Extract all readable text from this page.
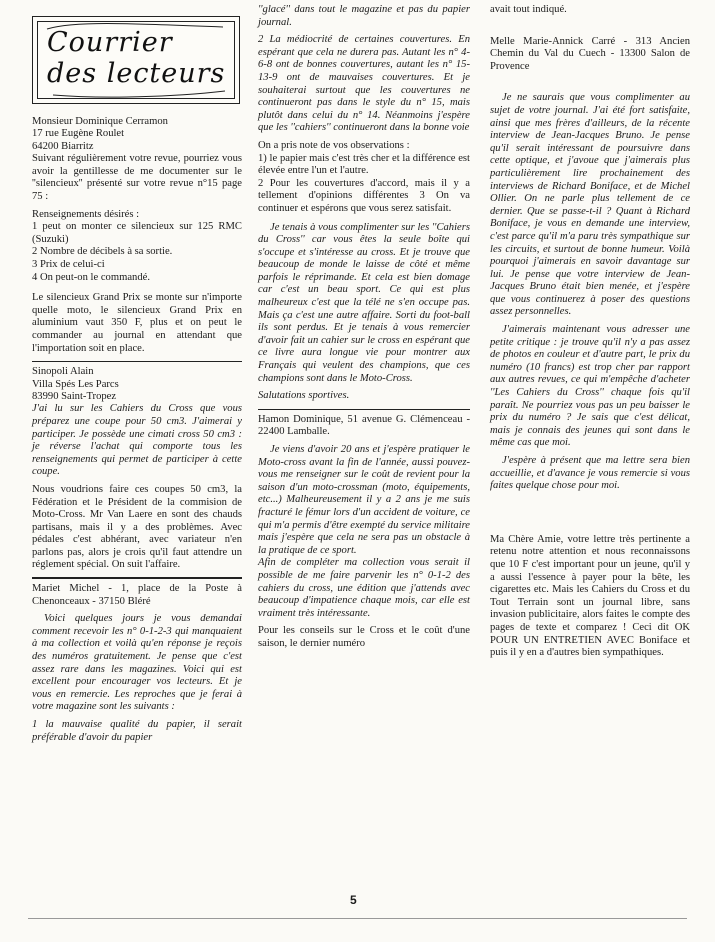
Courrier des lecteurs
Monsieur Dominique Cerramon
17 rue Eugène Roulet
64200 Biarritz

Suivant régulièrement votre revue, pourriez vous avoir la gentillesse de me documenter sur le ''silencieux'' présenté sur votre revue n°15 page 75 :

Renseignements désirés :
1 peut on monter ce silencieux sur 125 RMC (Suzuki)
2 Nombre de décibels à sa sortie.
3 Prix de celui-ci
4 On peut-on le commandé.

Le silencieux Grand Prix se monte sur n'importe quelle moto, le silencieux Grand Prix en aluminium vaut 350 F, plus et on peut le commander au journal en attendant que l'importation soit en place.

Sinopoli Alain
Villa Spés Les Parcs
83990 Saint-Tropez

J'ai lu sur les Cahiers du Cross que vous préparez une coupe pour 50 cm3. J'aimerai y participer. Je possède une cimati cross 50 cm3 : je réverse l'achat qui comporte tous les renseignements qui permet de participer à cette coupe.

Nous voudrions faire ces coupes 50 cm3, la Fédération et le Président de la commision de Moto-Cross. Mr Van Laere en sont des chauds partisans, mais il y a des problèmes. Avec pédales c'est abhérant, avec variateur n'en parlons pas, alors je crois qu'il faut attendre un réglement spécial. On suit l'affaire.

Mariet Michel - 1, place de la Poste à Chenonceaux - 37150 Bléré

Voici quelques jours je vous demandai comment recevoir les n° 0-1-2-3 qui manquaient à ma collection et voilà qu'en réponse je reçois des numéros gratuitement. Je pense que c'est assez rare dans les magazines. Voici qui est excellent pour encourager vos lecteurs. Et je vous en remercie. Les reproches que je ferai à votre magazine sont les suivants :

1 la mauvaise qualité du papier, il serait préférable d'avoir du papier

''glacé'' dans tout le magazine et pas du papier journal.

2 La médiocrité de certaines couvertures. En espérant que cela ne durera pas. Autant les n° 4-6-8 ont de bonnes couvertures, autant les n° 15-13-9 ont de mauvaises couvertures. Et je souhaiterai surtout que les couvertures ne continueront pas dans le style du n° 15, mais plutôt dans celui du n° 14. Néanmoins j'espère que les ''cahiers'' continueront dans la bonne voie

On a pris note de vos observations :
1) le papier mais c'est très cher et la différence est élevée entre l'un et l'autre.
2 Pour les couvertures d'accord, mais il y a tellement d'opinions différentes 3 On va continuer et espérons que vous serez satisfait.

Je tenais à vous complimenter sur les ''Cahiers du Cross'' car vous êtes la seule boîte qui s'occupe et s'intéresse au cross. Et je trouve que beaucoup de monde le laisse de côté et même parfois le réprimande. Et cela est bien domage car c'est un beau sport. Ce qui est plus malheureux c'est que la télé ne s'en occupe pas. Mais ça c'est une autre affaire. Sorti du foot-ball ils sont perdus. Et je tenais à vous remercier d'avoir fait un cahier sur le cross en espérant que ce livre aura longue vie pour montrer aux Français qui veulent des champions, que ces champions sont dans le Moto-Cross.

Salutations sportives.

Hamon Dominique, 51 avenue G. Clémenceau - 22400 Lamballe.

Je viens d'avoir 20 ans et j'espère pratiquer le Moto-cross avant la fin de l'année, aussi pouvez-vous me renseigner sur le coût de revient pour la saison d'un moto-crossman (moto, équipements, etc...) Malheureusement il y a 2 ans je me suis fracturé le fémur lors d'un accident de voiture, ce qui m'a permis d'être exempté du service militaire mais j'espère que cela ne sera pas un obstacle à la pratique de ce sport.

Afin de compléter ma collection vous serait il possible de me faire parvenir les n° 0-1-2 des cahiers du cross, une édition que j'attends avec beaucoup d'impatience chaque mois, car elle est vraiment très intéressante.

Pour les conseils sur le Cross et le coût d'une saison, le dernier numéro

avait tout indiqué.

Melle Marie-Annick Carré - 313 Ancien Chemin du Val du Cuech - 13300 Salon de Provence

Je ne saurais que vous complimenter au sujet de votre journal. J'ai été fort satisfaite, ainsi que mes frères d'ailleurs, de la récente interview de Jean-Jacques Bruno. Je pense qu'il serait intéressant de poursuivre dans cette optique, et j'avoue que j'aimerais plus particulièrement lire prochainement des interviews de Richard Boniface, et de Michel Ollier. On ne parle plus tellement de ce dernier. Que se passe-t-il ? Quant à Richard Boniface, je vous en demande une interview, c'est parce qu'il m'a paru très sympathique sur les circuits, et surtout de bonne humeur. Voilà pourquoi j'aimerais en savoir davantage sur lui. Je pense que votre interview de Jean-Jacques Bruno était bien menée, et j'espère que vous continuerez à poser des questions assez personnelles.

J'aimerais maintenant vous adresser une petite critique : je trouve qu'il n'y a pas assez de photos en couleur et d'autre part, le prix du numéro (10 francs) est trop cher par rapport aux autres revues, ce qui m'empêche d'acheter ''Les Cahiers du Cross'' chaque fois qu'il paraît. Ne pourriez vous pas un peu baisser le prix du numéro ? Je sais que c'est délicat, mais je connais des jeunes qui sont dans le même cas que moi.

J'espère à présent que ma lettre sera bien accueillie, et d'avance je vous remercie si vous faites quelque chose pour moi.

Ma Chère Amie, votre lettre très pertinente a retenu notre attention et nous reconnaissons que 10 F c'est important pour un jeune, qu'il y a aussi l'essence à payer pour la bête, les cigarettes etc. Mais les Cahiers du Cross et du Tout Terrain sont un journal libre, sans invasion publicitaire, alors faites le compte des pages de texte et comparez ! Ceci dit OK POUR UN ENTRETIEN AVEC Boniface et puis il y en a d'autres bien sympathiques.

5
